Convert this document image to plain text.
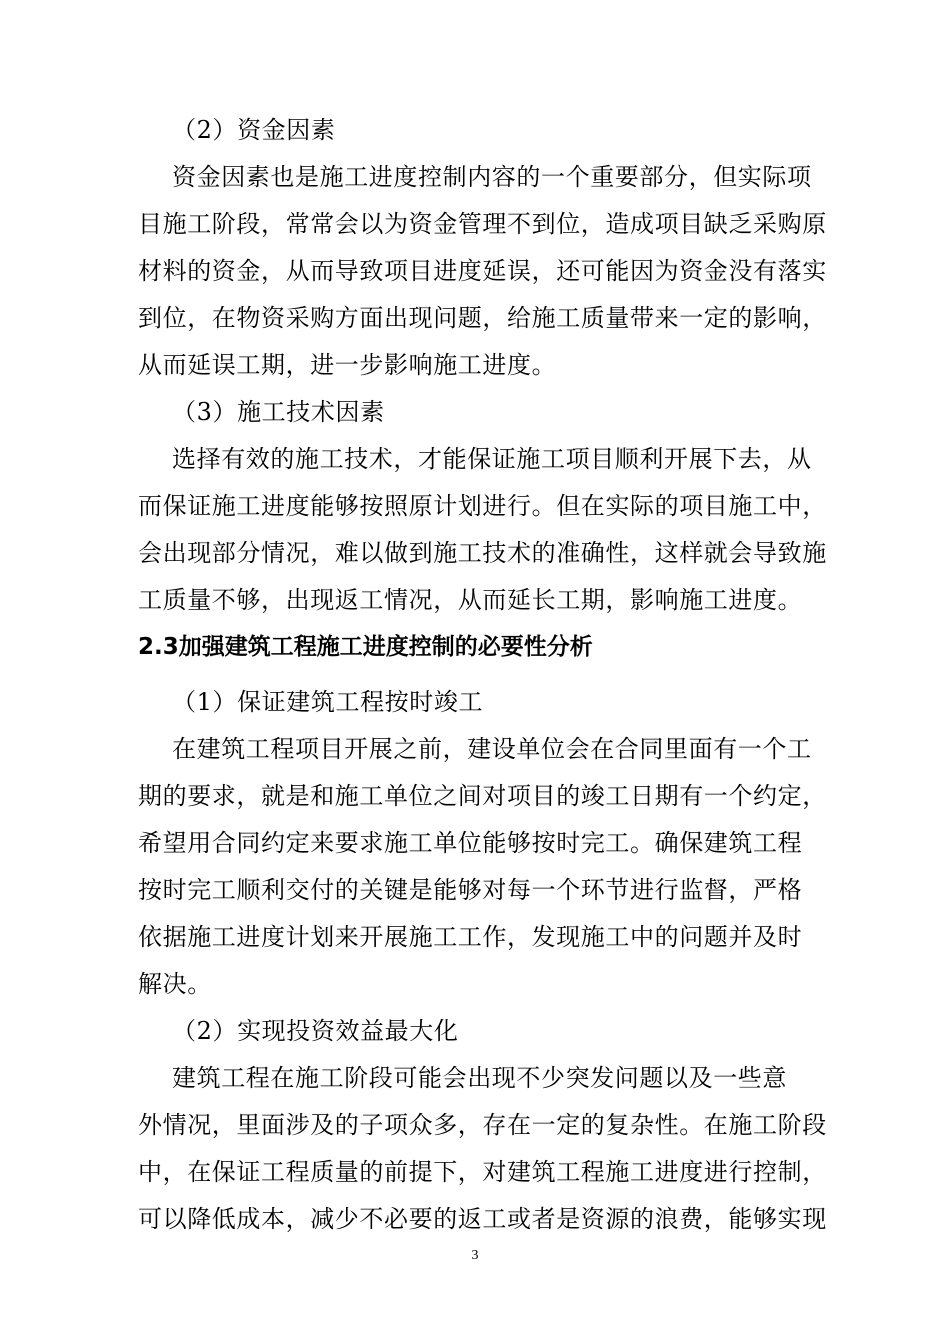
（2）资金因素
资金因素也是施工进度控制内容的一个重要部分，但实际项
目施工阶段，常常会以为资金管理不到位，造成项目缺乏采购原
材料的资金，从而导致项目进度延误，还可能因为资金没有落实
到位，在物资采购方面出现问题，给施工质量带来一定的影响，
从而延误工期，进一步影响施工进度。
（3）施工技术因素
选择有效的施工技术，才能保证施工项目顺利开展下去，从
而保证施工进度能够按照原计划进行。但在实际的项目施工中，
会出现部分情况，难以做到施工技术的准确性，这样就会导致施
工质量不够，出现返工情况，从而延长工期，影响施工进度。
2.3加强建筑工程施工进度控制的必要性分析
（1）保证建筑工程按时竣工
在建筑工程项目开展之前，建设单位会在合同里面有一个工
期的要求，就是和施工单位之间对项目的竣工日期有一个约定，
希望用合同约定来要求施工单位能够按时完工。确保建筑工程
按时完工顺利交付的关键是能够对每一个环节进行监督，严格
依据施工进度计划来开展施工工作，发现施工中的问题并及时
解决。
（2）实现投资效益最大化
建筑工程在施工阶段可能会出现不少突发问题以及一些意
外情况，里面涉及的子项众多，存在一定的复杂性。在施工阶段
中，在保证工程质量的前提下，对建筑工程施工进度进行控制，
可以降低成本，减少不必要的返工或者是资源的浪费，能够实现
3
